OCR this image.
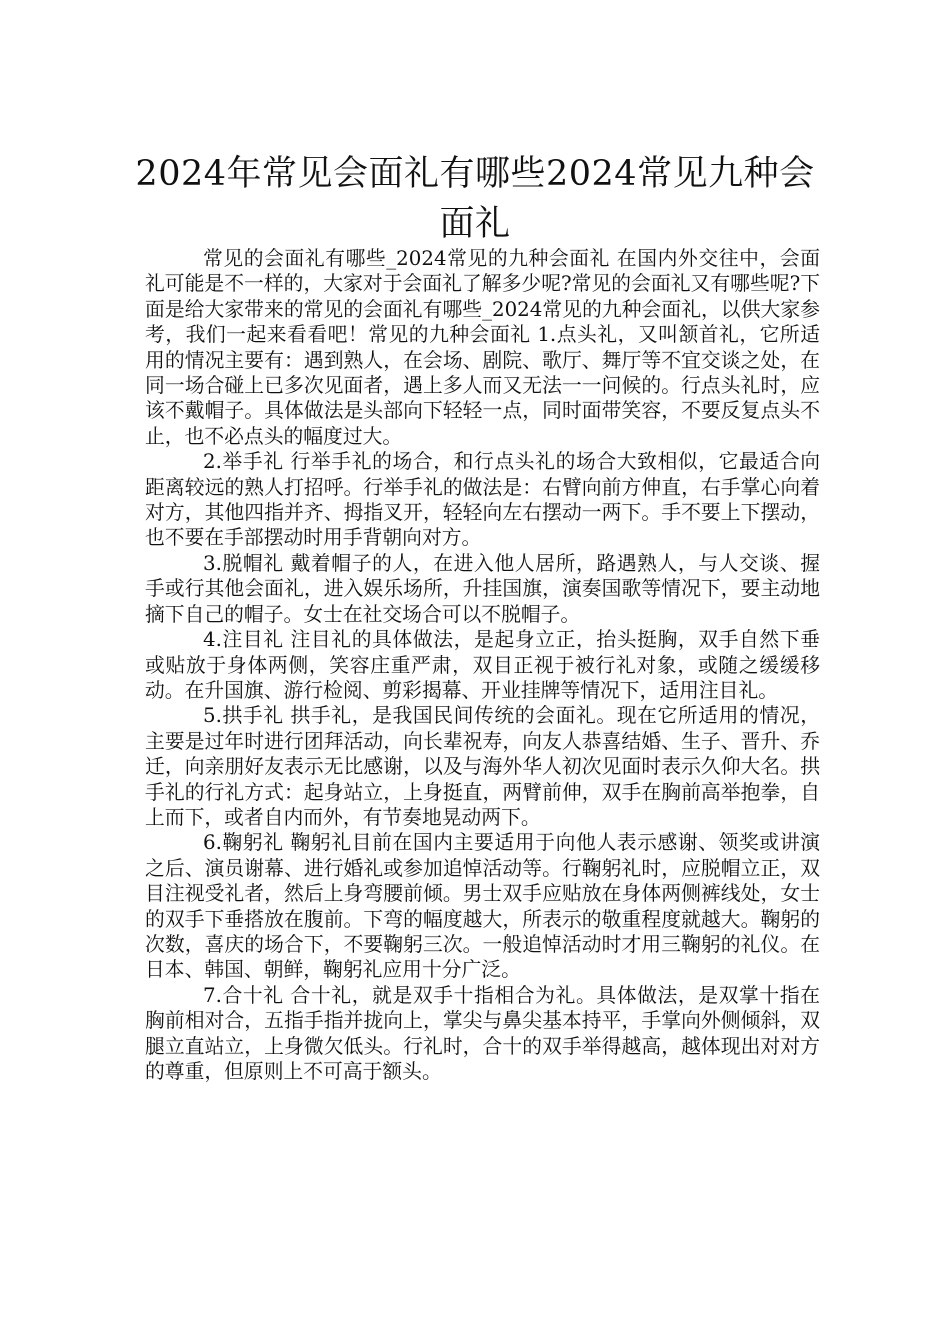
2024年常见会面礼有哪些2024常见九种会面礼

常见的会面礼有哪些_2024常见的九种会面礼 在国内外交往中，会面礼可能是不一样的，大家对于会面礼了解多少呢?常见的会面礼又有哪些呢?下面是给大家带来的常见的会面礼有哪些_2024常见的九种会面礼，以供大家参考，我们一起来看看吧！常见的九种会面礼 1.点头礼，又叫颔首礼，它所适用的情况主要有：遇到熟人，在会场、剧院、歌厅、舞厅等不宜交谈之处，在同一场合碰上已多次见面者，遇上多人而又无法一一问候的。行点头礼时，应该不戴帽子。具体做法是头部向下轻轻一点，同时面带笑容，不要反复点头不止，也不必点头的幅度过大。

2.举手礼 行举手礼的场合，和行点头礼的场合大致相似，它最适合向距离较远的熟人打招呼。行举手礼的做法是：右臂向前方伸直，右手掌心向着对方，其他四指并齐、拇指叉开，轻轻向左右摆动一两下。手不要上下摆动，也不要在手部摆动时用手背朝向对方。

3.脱帽礼 戴着帽子的人，在进入他人居所，路遇熟人，与人交谈、握手或行其他会面礼，进入娱乐场所，升挂国旗，演奏国歌等情况下，要主动地摘下自己的帽子。女士在社交场合可以不脱帽子。

4.注目礼 注目礼的具体做法，是起身立正，抬头挺胸，双手自然下垂或贴放于身体两侧，笑容庄重严肃，双目正视于被行礼对象，或随之缓缓移动。在升国旗、游行检阅、剪彩揭幕、开业挂牌等情况下，适用注目礼。

5.拱手礼 拱手礼，是我国民间传统的会面礼。现在它所适用的情况，主要是过年时进行团拜活动，向长辈祝寿，向友人恭喜结婚、生子、晋升、乔迁，向亲朋好友表示无比感谢，以及与海外华人初次见面时表示久仰大名。拱手礼的行礼方式：起身站立，上身挺直，两臂前伸，双手在胸前高举抱拳，自上而下，或者自内而外，有节奏地晃动两下。

6.鞠躬礼 鞠躬礼目前在国内主要适用于向他人表示感谢、领奖或讲演之后、演员谢幕、进行婚礼或参加追悼活动等。行鞠躬礼时，应脱帽立正，双目注视受礼者，然后上身弯腰前倾。男士双手应贴放在身体两侧裤线处，女士的双手下垂搭放在腹前。下弯的幅度越大，所表示的敬重程度就越大。鞠躬的次数，喜庆的场合下，不要鞠躬三次。一般追悼活动时才用三鞠躬的礼仪。在日本、韩国、朝鲜，鞠躬礼应用十分广泛。

7.合十礼 合十礼，就是双手十指相合为礼。具体做法，是双掌十指在胸前相对合，五指手指并拢向上，掌尖与鼻尖基本持平，手掌向外侧倾斜，双腿立直站立，上身微欠低头。行礼时，合十的双手举得越高，越体现出对对方的尊重，但原则上不可高于额头。
